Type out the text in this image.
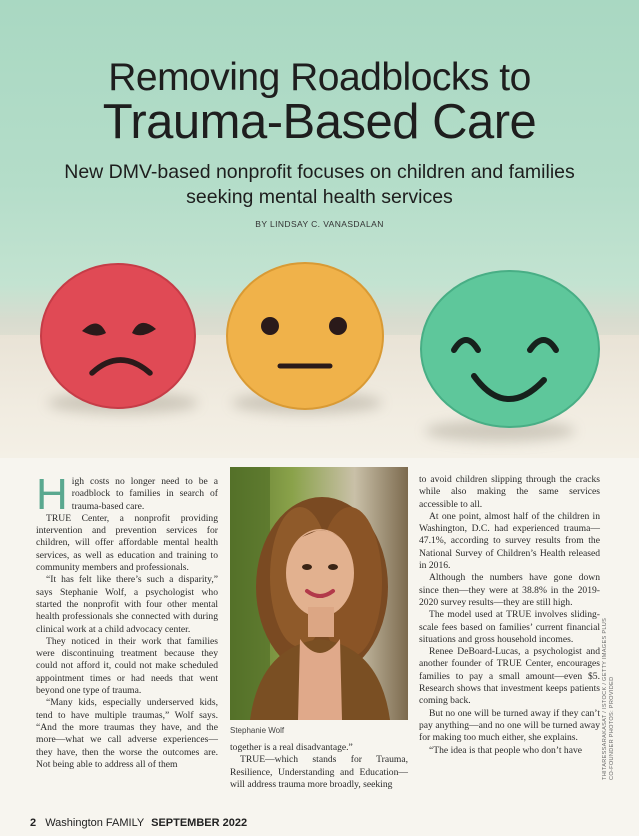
Removing Roadblocks to
Trauma-Based Care
New DMV-based nonprofit focuses on children and families seeking mental health services
BY LINDSAY C. VANASDALAN

High costs no longer need to be a roadblock to families in search of trauma-based care.

TRUE Center, a nonprofit providing intervention and prevention services for children, will offer affordable mental health services, as well as education and training to community members and professionals.

“It has felt like there’s such a disparity,” says Stephanie Wolf, a psychologist who started the nonprofit with four other mental health professionals she connected with during clinical work at a child advocacy center.

They noticed in their work that families were discontinuing treatment because they could not afford it, could not make scheduled appointment times or had needs that went beyond one type of trauma.

“Many kids, especially underserved kids, tend to have multiple traumas,” Wolf says. “And the more traumas they have, and the more—what we call adverse experiences—they have, then the worse the outcomes are. Not being able to address all of them

Stephanie Wolf

together is a real disadvantage.”

TRUE—which stands for Trauma, Resilience, Understanding and Education—will address trauma more broadly, seeking

to avoid children slipping through the cracks while also making the same services accessible to all.

At one point, almost half of the children in Washington, D.C. had experienced trauma—47.1%, according to survey results from the National Survey of Children’s Health released in 2016.

Although the numbers have gone down since then—they were at 38.8% in the 2019-2020 survey results—they are still high.

The model used at TRUE involves sliding-scale fees based on families’ current financial situations and gross household incomes.

Renee DeBoard-Lucas, a psychologist and another founder of TRUE Center, encourages families to pay a small amount—even $5. Research shows that investment keeps patients coming back.

But no one will be turned away if they can’t pay anything—and no one will be turned away for making too much either, she explains.

“The idea is that people who don’t have	THITARESSARAKASAT / ISTOCK / GETTY IMAGES PLUS CO-FOUNDER PHOTOS: PROVIDED
2 Washington FAMILY SEPTEMBER 2022
